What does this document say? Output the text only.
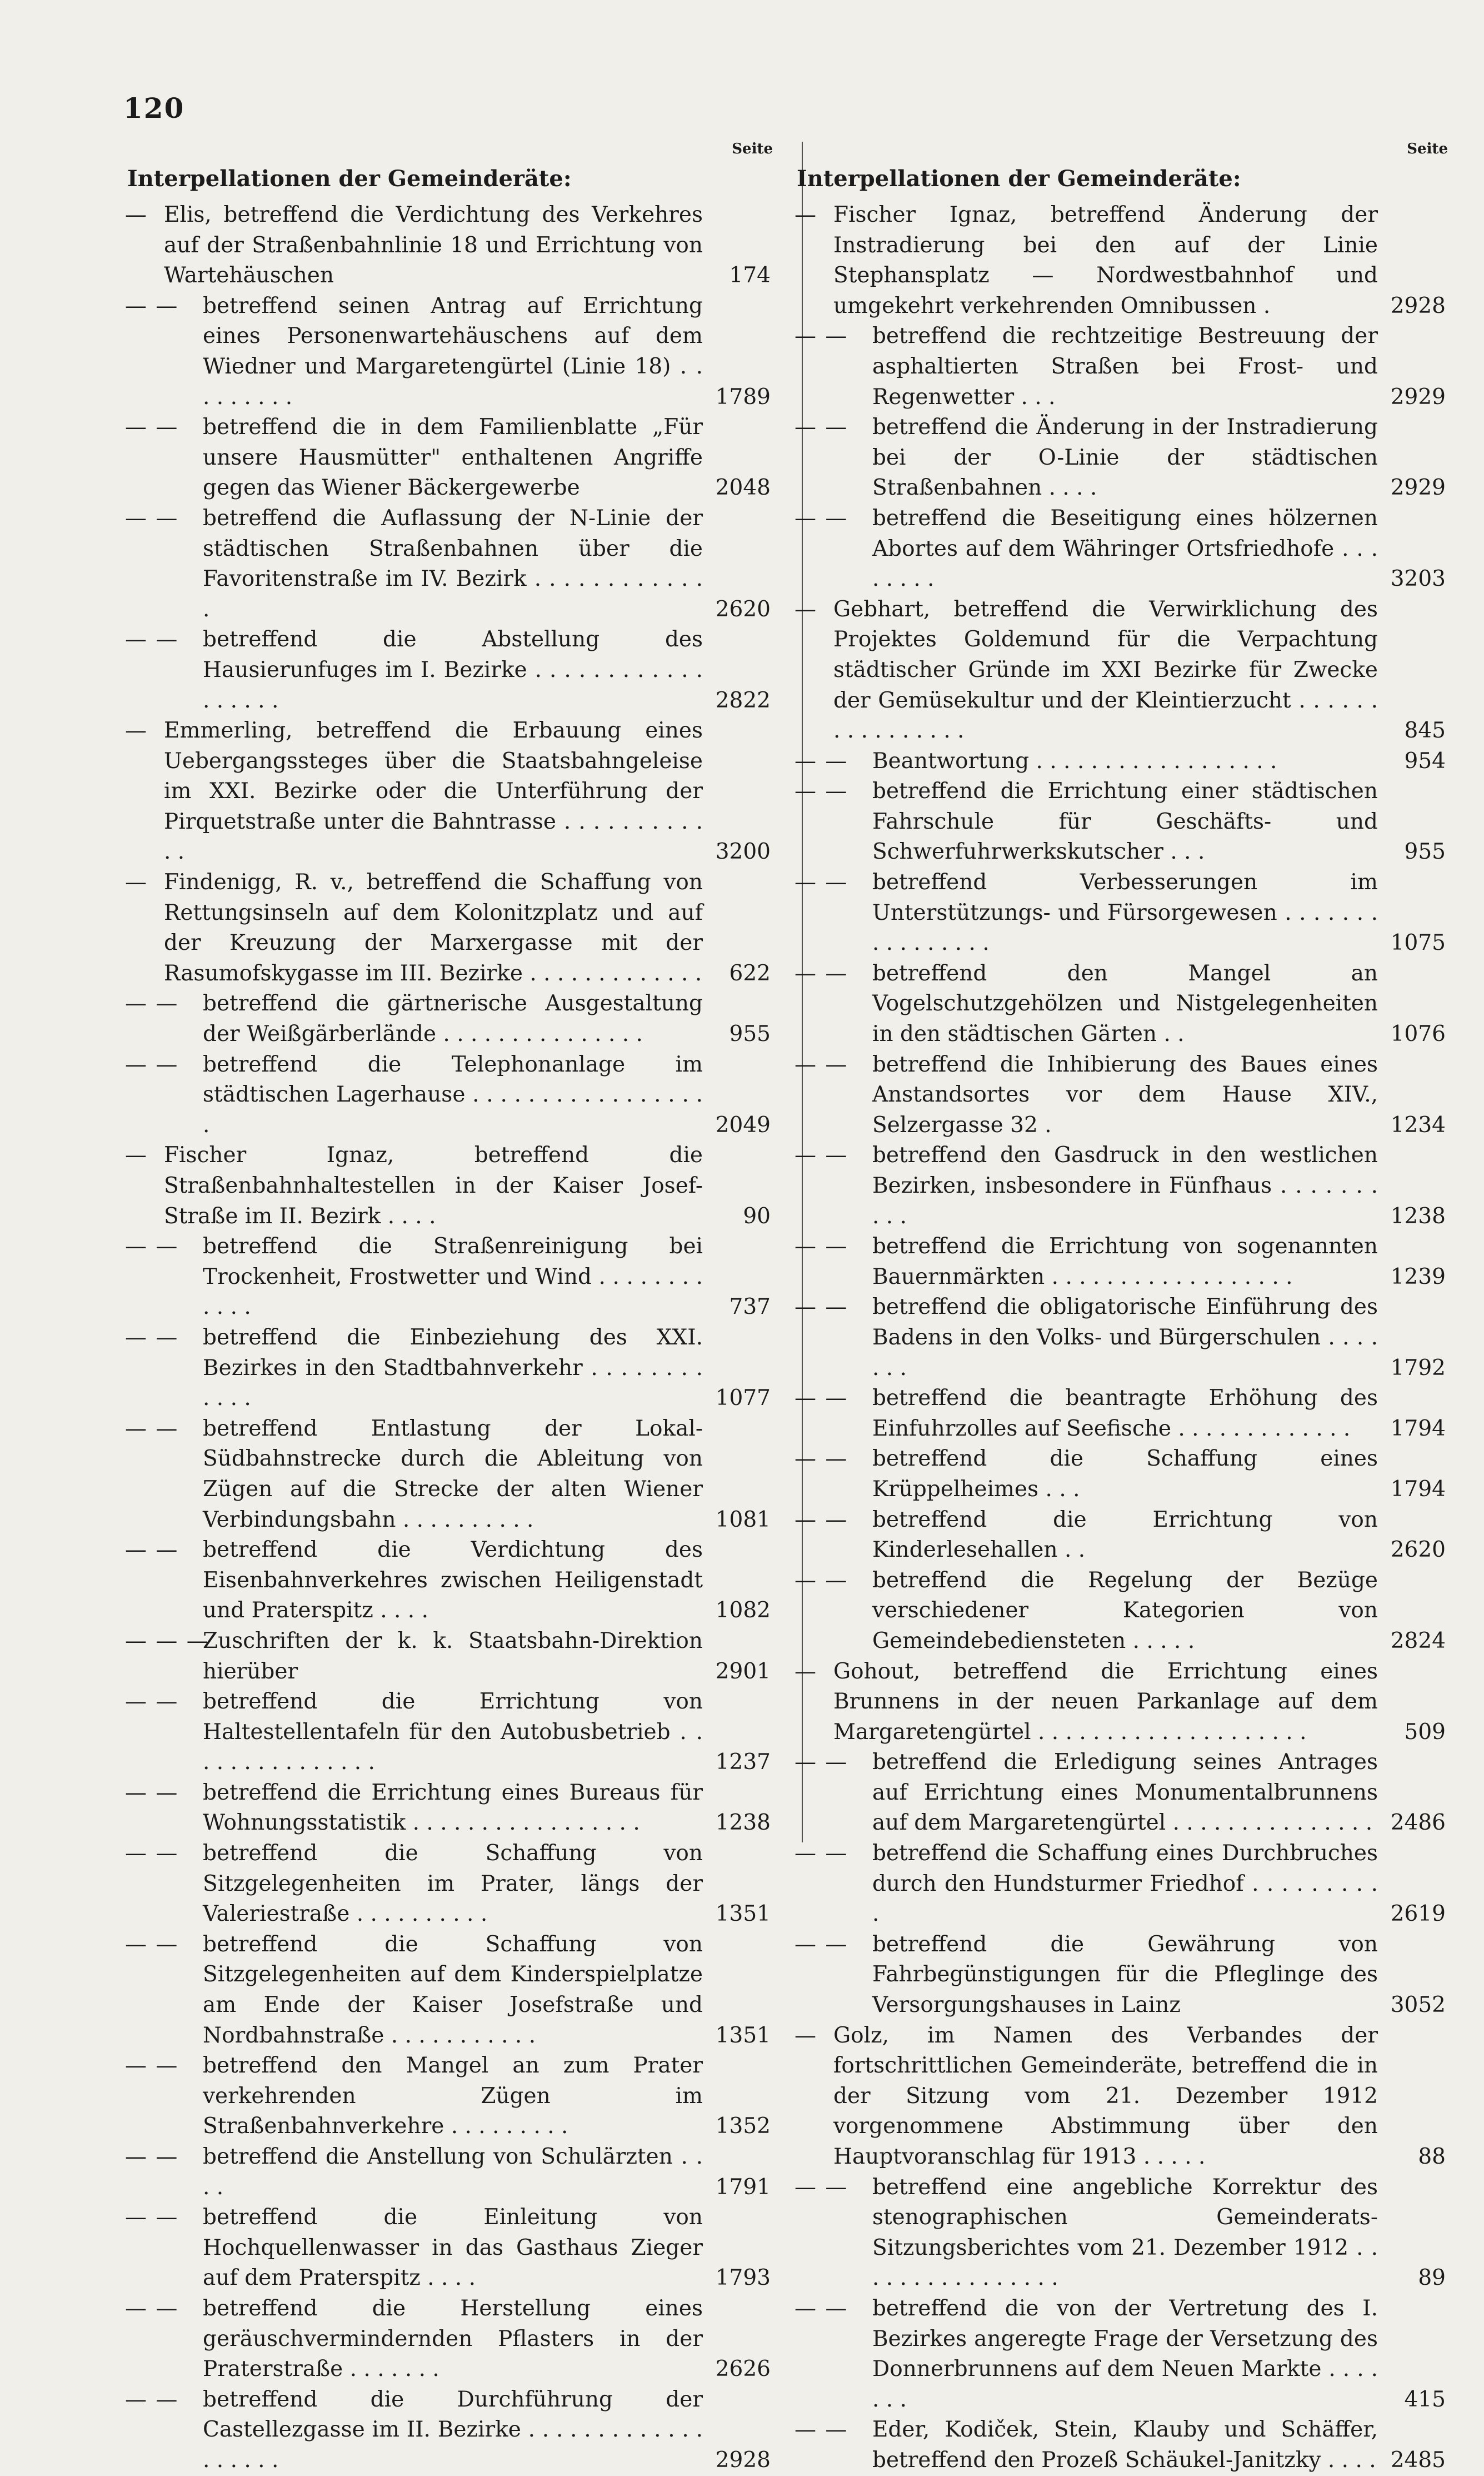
120
Seite
Interpellationen der Gemeinderäte:
— Elis, betreffend die Verdichtung des Verkehres auf der Straßenbahnlinie 18 und Errichtung von Wartehäuschen	174
— — betreffend seinen Antrag auf Errichtung eines Personenwartehäuschens auf dem Wiedner und Margaretengürtel (Linie 18) . . . . . . . . .	1789
— — betreffend die in dem Familienblatte „Für unsere Hausmütter" enthaltenen Angriffe gegen das Wiener Bäckergewerbe	2048
— — betreffend die Auflassung der N-Linie der städtischen Straßenbahnen über die Favoritenstraße im IV. Bezirk . . . . . . . . . . . . .	2620
— — betreffend die Abstellung des Hausierunfuges im I. Bezirke . . . . . . . . . . . . . . . . . .	2822
— Emmerling, betreffend die Erbauung eines Uebergangssteges über die Staatsbahngeleise im XXI. Bezirke oder die Unterführung der Pirquetstraße unter die Bahntrasse . . . . . . . . . . . .	3200
— Findenigg, R. v., betreffend die Schaffung von Rettungsinseln auf dem Kolonitzplatz und auf der Kreuzung der Marxergasse mit der Rasumofskygasse im III. Bezirke . . . . . . . . . . . . .	622
— — betreffend die gärtnerische Ausgestaltung der Weißgärberlände . . . . . . . . . . . . . . .	955
— — betreffend die Telephonanlage im städtischen Lagerhause . . . . . . . . . . . . . . . . . .	2049
— Fischer Ignaz, betreffend die Straßenbahnhaltestellen in der Kaiser Josef-Straße im II. Bezirk . . . .	90
— — betreffend die Straßenreinigung bei Trockenheit, Frostwetter und Wind . . . . . . . . . . . .	737
— — betreffend die Einbeziehung des XXI. Bezirkes in den Stadtbahnverkehr . . . . . . . . . . . .	1077
— — betreffend Entlastung der Lokal-Südbahnstrecke durch die Ableitung von Zügen auf die Strecke der alten Wiener Verbindungsbahn . . . . . . . . . .	1081
— — betreffend die Verdichtung des Eisenbahnverkehres zwischen Heiligenstadt und Praterspitz . . . .	1082
— — —
Zuschriften der k. k. Staatsbahn-Direktion hierüber	2901
— — betreffend die Errichtung von Haltestellentafeln für den Autobusbetrieb . . . . . . . . . . . . . . .	1237
— — betreffend die Errichtung eines Bureaus für Wohnungsstatistik . . . . . . . . . . . . . . . . .	1238
— — betreffend die Schaffung von Sitzgelegenheiten im Prater, längs der Valeriestraße . . . . . . . . . .	1351
— — betreffend die Schaffung von Sitzgelegenheiten auf dem Kinderspielplatze am Ende der Kaiser Josefstraße und Nordbahnstraße . . . . . . . . . . .	1351
— — betreffend den Mangel an zum Prater verkehrenden Zügen im Straßenbahnverkehre . . . . . . . . .	1352
— — betreffend die Anstellung von Schulärzten . . . .	1791
— — betreffend die Einleitung von Hochquellenwasser in das Gasthaus Zieger auf dem Praterspitz . . . .	1793
— — betreffend die Herstellung eines geräuschvermindernden Pflasters in der Praterstraße . . . . . . .	2626
— — betreffend die Durchführung der Castellezgasse im II. Bezirke . . . . . . . . . . . . . . . . . . .	2928
Seite
Interpellationen der Gemeinderäte:
— Fischer Ignaz, betreffend Änderung der Instradierung bei den auf der Linie Stephansplatz — Nordwestbahnhof und umgekehrt verkehrenden Omnibussen .	2928
— — betreffend die rechtzeitige Bestreuung der asphaltierten Straßen bei Frost- und Regenwetter . . .	2929
— — betreffend die Änderung in der Instradierung bei der O-Linie der städtischen Straßenbahnen . . . .	2929
— — betreffend die Beseitigung eines hölzernen Abortes auf dem Währinger Ortsfriedhofe . . . . . . . .	3203
— Gebhart, betreffend die Verwirklichung des Projektes Goldemund für die Verpachtung städtischer Gründe im XXI Bezirke für Zwecke der Gemüsekultur und der Kleintierzucht . . . . . . . . . . . . . . . .	845
— — Beantwortung . . . . . . . . . . . . . . . . . .	954
— — betreffend die Errichtung einer städtischen Fahrschule für Geschäfts- und Schwerfuhrwerkskutscher . . .	955
— — betreffend Verbesserungen im Unterstützungs- und Fürsorgewesen . . . . . . . . . . . . . . . .	1075
— — betreffend den Mangel an Vogelschutzgehölzen und Nistgelegenheiten in den städtischen Gärten . .	1076
— — betreffend die Inhibierung des Baues eines Anstandsortes vor dem Hause XIV., Selzergasse 32 .	1234
— — betreffend den Gasdruck in den westlichen Bezirken, insbesondere in Fünfhaus . . . . . . . . . .	1238
— — betreffend die Errichtung von sogenannten Bauernmärkten . . . . . . . . . . . . . . . . . .	1239
— — betreffend die obligatorische Einführung des Badens in den Volks- und Bürgerschulen . . . . . . .	1792
— — betreffend die beantragte Erhöhung des Einfuhrzolles auf Seefische . . . . . . . . . . . . .	1794
— — betreffend die Schaffung eines Krüppelheimes . . .	1794
— — betreffend die Errichtung von Kinderlesehallen . .	2620
— — betreffend die Regelung der Bezüge verschiedener Kategorien von Gemeindebediensteten . . . . .	2824
— Gohout, betreffend die Errichtung eines Brunnens in der neuen Parkanlage auf dem Margaretengürtel . . . . . . . . . . . . . . . . . . . .	509
— — betreffend die Erledigung seines Antrages auf Errichtung eines Monumentalbrunnens auf dem Margaretengürtel . . . . . . . . . . . . . . . 2486
— — betreffend die Schaffung eines Durchbruches durch den Hundsturmer Friedhof . . . . . . . . . .	2619
— — betreffend die Gewährung von Fahrbegünstigungen für die Pfleglinge des Versorgungshauses in Lainz	3052
— Golz, im Namen des Verbandes der fortschrittlichen Gemeinderäte, betreffend die in der Sitzung vom 21. Dezember 1912 vorgenommene Abstimmung über den Hauptvoranschlag für 1913 . . . . .	88
— — betreffend eine angebliche Korrektur des stenographischen Gemeinderats-Sitzungsberichtes vom 21. Dezember 1912 . . . . . . . . . . . . . . . .	89
— — betreffend die von der Vertretung des I. Bezirkes angeregte Frage der Versetzung des Donnerbrunnens auf dem Neuen Markte . . . . . . .	415
— — Eder, Kodiček, Stein, Klauby und Schäffer, betreffend den Prozeß Schäukel-Janitzky . . . . 2485
